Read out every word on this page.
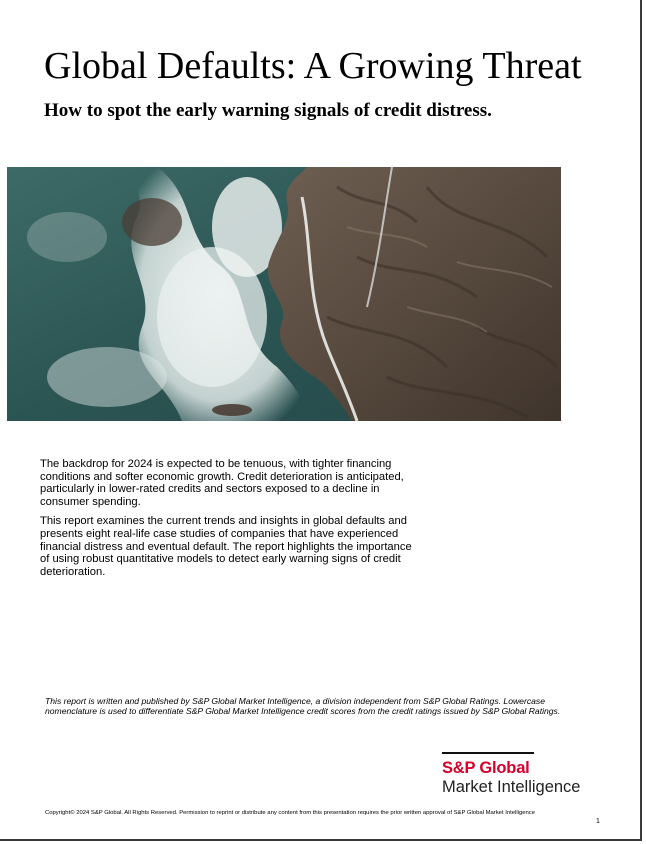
Global Defaults: A Growing Threat
How to spot the early warning signals of credit distress.

The backdrop for 2024 is expected to be tenuous, with tighter financing conditions and softer economic growth. Credit deterioration is anticipated, particularly in lower-rated credits and sectors exposed to a decline in consumer spending.

This report examines the current trends and insights in global defaults and presents eight real-life case studies of companies that have experienced financial distress and eventual default. The report highlights the importance of using robust quantitative models to detect early warning signs of credit deterioration.

This report is written and published by S&P Global Market Intelligence, a division independent from S&P Global Ratings. Lowercase nomenclature is used to differentiate S&P Global Market Intelligence credit scores from the credit ratings issued by S&P Global Ratings.
S&P Global
Market Intelligence
Copyright© 2024 S&P Global. All Rights Reserved. Permission to reprint or distribute any content from this presentation requires the prior written approval of S&P Global Market Intelligence
1
